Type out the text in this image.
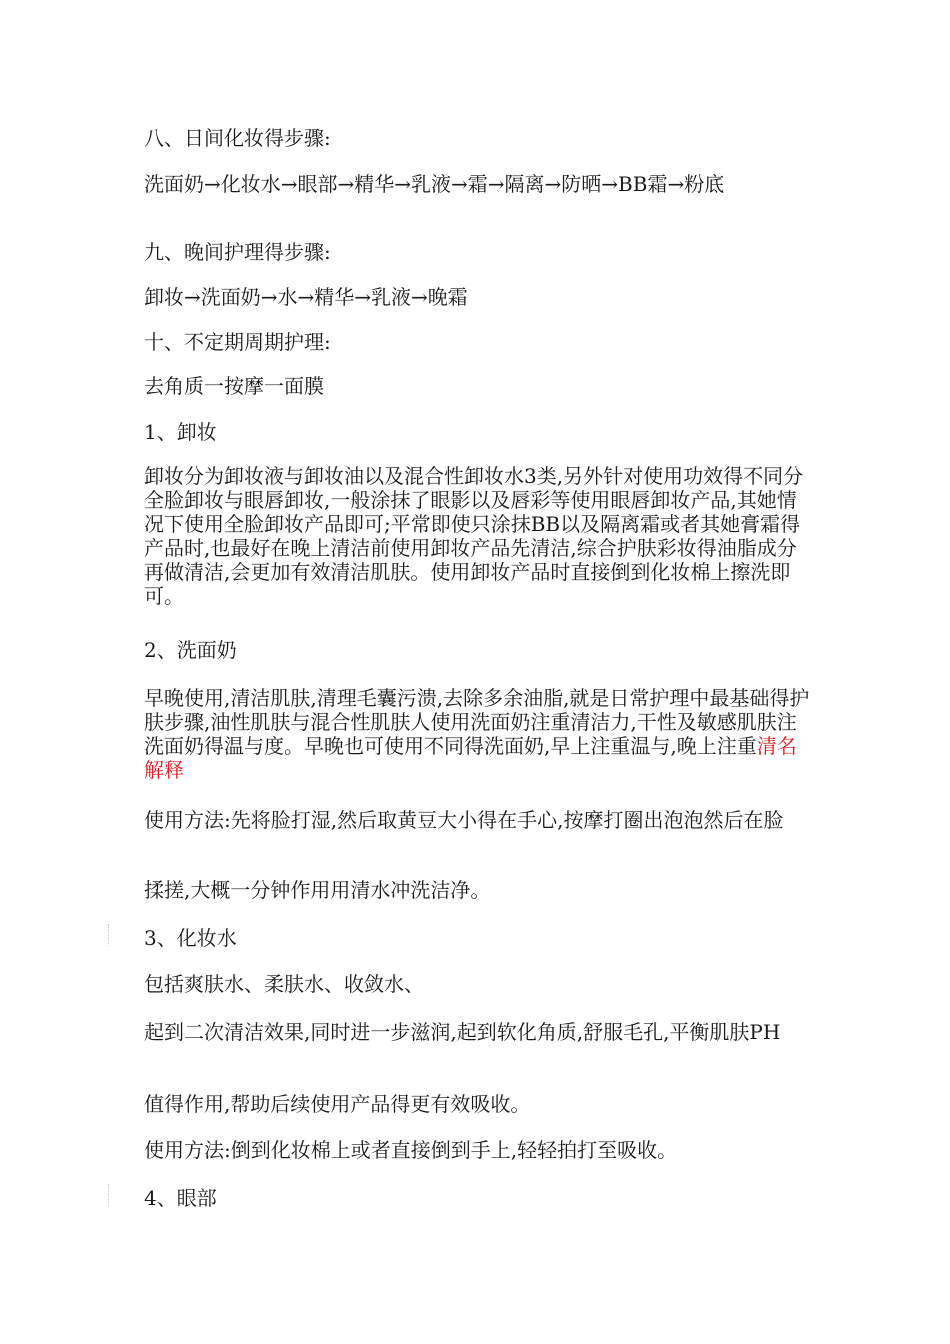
八、日间化妆得步骤:

洗面奶→化妆水→眼部→精华→乳液→霜→隔离→防晒→BB霜→粉底

九、晚间护理得步骤:

卸妆→洗面奶→水→精华→乳液→晚霜

十、不定期周期护理:

去角质一按摩一面膜

1、卸妆

卸妆分为卸妆液与卸妆油以及混合性卸妆水3类,另外针对使用功效得不同分全脸卸妆与眼唇卸妆,一般涂抹了眼影以及唇彩等使用眼唇卸妆产品,其她情况下使用全脸卸妆产品即可;平常即使只涂抹BB以及隔离霜或者其她膏霜得产品时,也最好在晚上清洁前使用卸妆产品先清洁,综合护肤彩妆得油脂成分再做清洁,会更加有效清洁肌肤。使用卸妆产品时直接倒到化妆棉上擦洗即可。

2、洗面奶

早晚使用,清洁肌肤,清理毛囊污溃,去除多余油脂,就是日常护理中最基础得护肤步骤,油性肌肤与混合性肌肤人使用洗面奶注重清洁力,干性及敏感肌肤注洗面奶得温与度。早晚也可使用不同得洗面奶,早上注重温与,晚上注重清名解释

使用方法:先将脸打湿,然后取黄豆大小得在手心,按摩打圈出泡泡然后在脸

揉搓,大概一分钟作用用清水冲洗洁净。

3、化妆水

包括爽肤水、柔肤水、收敛水、

起到二次清洁效果,同时进一步滋润,起到软化角质,舒服毛孔,平衡肌肤PH

值得作用,帮助后续使用产品得更有效吸收。

使用方法:倒到化妆棉上或者直接倒到手上,轻轻拍打至吸收。

4、眼部
